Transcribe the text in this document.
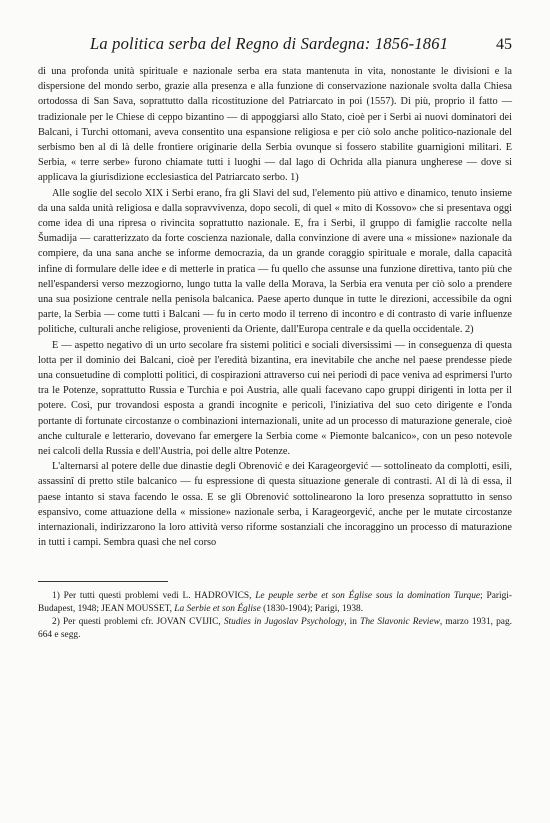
La politica serba del Regno di Sardegna: 1856-1861	45

di una profonda unità spirituale e nazionale serba era stata mantenuta in vita, nonostante le divisioni e la dispersione del mondo serbo, grazie alla presenza e alla funzione di conservazione nazionale svolta dalla Chiesa ortodossa di San Sava, soprattutto dalla ricostituzione del Patriarcato in poi (1557). Di più, proprio il fatto — tradizionale per le Chiese di ceppo bizantino — di appoggiarsi allo Stato, cioè per i Serbi ai nuovi dominatori dei Balcani, i Turchi ottomani, aveva consentito una espansione religiosa e per ciò solo anche politico-nazionale del serbismo ben al di là delle frontiere originarie della Serbia ovunque si fossero stabilite guarnigioni militari. E Serbia, « terre serbe» furono chiamate tutti i luoghi — dal lago di Ochrida alla pianura ungherese — dove si applicava la giurisdizione ecclesiastica del Patriarcato serbo. 1)

Alle soglie del secolo XIX i Serbi erano, fra gli Slavi del sud, l'elemento più attivo e dinamico, tenuto insieme da una salda unità religiosa e dalla sopravvivenza, dopo secoli, di quel « mito di Kossovo» che si presentava oggi come idea di una ripresa o rivincita soprattutto nazionale. E, fra i Serbi, il gruppo di famiglie raccolte nella Šumadija — caratterizzato da forte coscienza nazionale, dalla convinzione di avere una « missione» nazionale da compiere, da una sana anche se informe democrazia, da un grande coraggio spirituale e morale, dalla capacità infine di formulare delle idee e di metterle in pratica — fu quello che assunse una funzione direttiva, tanto più che nell'espandersi verso mezzogiorno, lungo tutta la valle della Morava, la Serbia era venuta per ciò solo a prendere una sua posizione centrale nella penisola balcanica. Paese aperto dunque in tutte le direzioni, accessibile da ogni parte, la Serbia — come tutti i Balcani — fu in certo modo il terreno di incontro e di contrasto di varie influenze politiche, culturali anche religiose, provenienti da Oriente, dall'Europa centrale e da quella occidentale. 2)

E — aspetto negativo di un urto secolare fra sistemi politici e sociali diversissimi — in conseguenza di questa lotta per il dominio dei Balcani, cioè per l'eredità bizantina, era inevitabile che anche nel paese prendesse piede una consuetudine di complotti politici, di cospirazioni attraverso cui nei periodi di pace veniva ad esprimersi l'urto tra le Potenze, soprattutto Russia e Turchia e poi Austria, alle quali facevano capo gruppi dirigenti in lotta per il potere. Così, pur trovandosi esposta a grandi incognite e pericoli, l'iniziativa del suo ceto dirigente e l'onda portante di fortunate circostanze o combinazioni internazionali, unite ad un processo di maturazione generale, cioè anche culturale e letterario, dovevano far emergere la Serbia come « Piemonte balcanico», con un peso notevole nei calcoli della Russia e dell'Austria, poi delle altre Potenze.

L'alternarsi al potere delle due dinastie degli Obrenović e dei Karageorgević — sottolineato da complotti, esili, assassinî di pretto stile balcanico — fu espressione di questa situazione generale di contrasti. Al di là di essa, il paese intanto si stava facendo le ossa. E se gli Obrenović sottolinearono la loro presenza soprattutto in senso espansivo, come attuazione della « missione» nazionale serba, i Karageorgević, anche per le mutate circostanze internazionali, indirizzarono la loro attività verso riforme sostanziali che incoraggino un processo di maturazione in tutti i campi. Sembra quasi che nel corso

1) Per tutti questi problemi vedi L. HADROVICS, Le peuple serbe et son Église sous la domination Turque; Parigi-Budapest, 1948; JEAN MOUSSET, La Serbie et son Église (1830-1904); Parigi, 1938.

2) Per questi problemi cfr. JOVAN CVIJIC, Studies in Jugoslav Psychology, in The Slavonic Review, marzo 1931, pag. 664 e segg.
